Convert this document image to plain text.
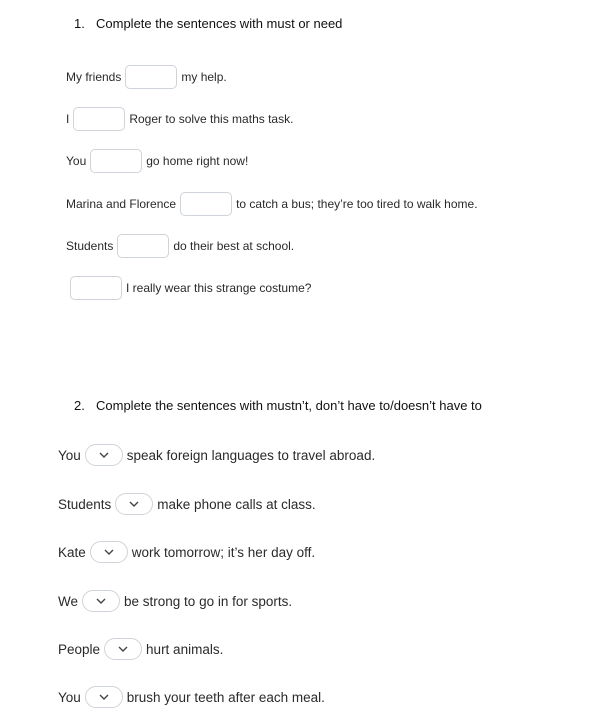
1. Complete the sentences with must or need
My friends	my help.
I	Roger to solve this maths task.
You	go home right now!
Marina and Florence	to catch a bus; they’re too tired to walk home.
Students	do their best at school.
I really wear this strange costume?
2. Complete the sentences with mustn’t, don’t have to/doesn’t have to
You	speak foreign languages to travel abroad.
Students	make phone calls at class.
Kate	work tomorrow; it’s her day off.
We	be strong to go in for sports.
People	hurt animals.
You	brush your teeth after each meal.
